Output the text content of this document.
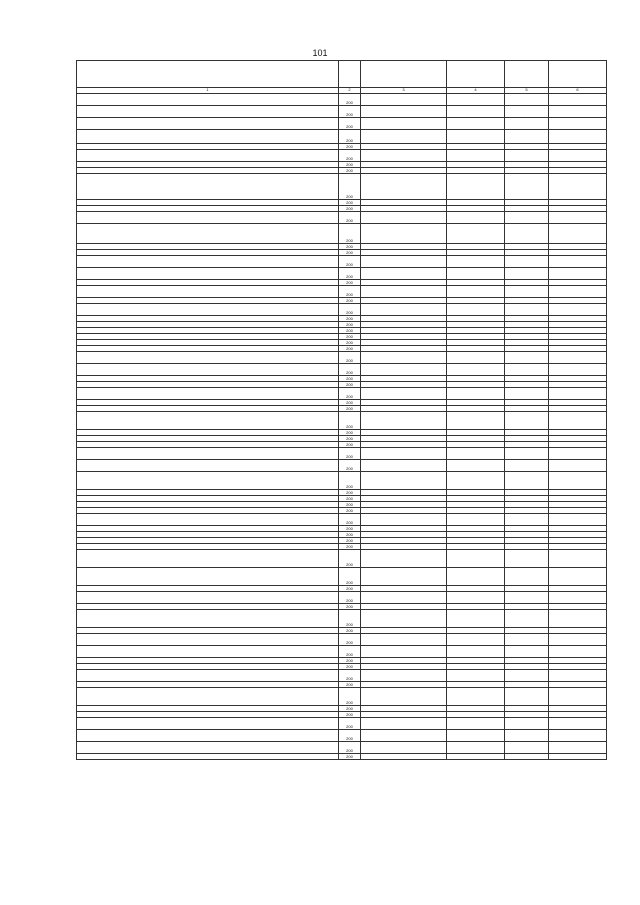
101

1	2	3	4	5	6
	200				
	200				
	200				
	200				
	200				
	200				
	200				
	200				
	200				
	200				
	200				
	200				
	200				
	200				
	200				
	200				
	200				
	200				
	200				
	200				
	200				
	200				
	200				
	200				
	200				
	200				
	200				
	200				
	200				
	200				
	200				
	200				
	200				
	200				
	200				
	200				
	200				
	200				
	200				
	200				
	200				
	200				
	200				
	200				
	200				
	200				
	200				
	200				
	200				
	200				
	200				
	200				
	200				
	200				
	200				
	200				
	200				
	200				
	200				
	200				
	200				
	200				
	200				
	200				
	200				
	200				
	200				
	200				
	200				
	200				
